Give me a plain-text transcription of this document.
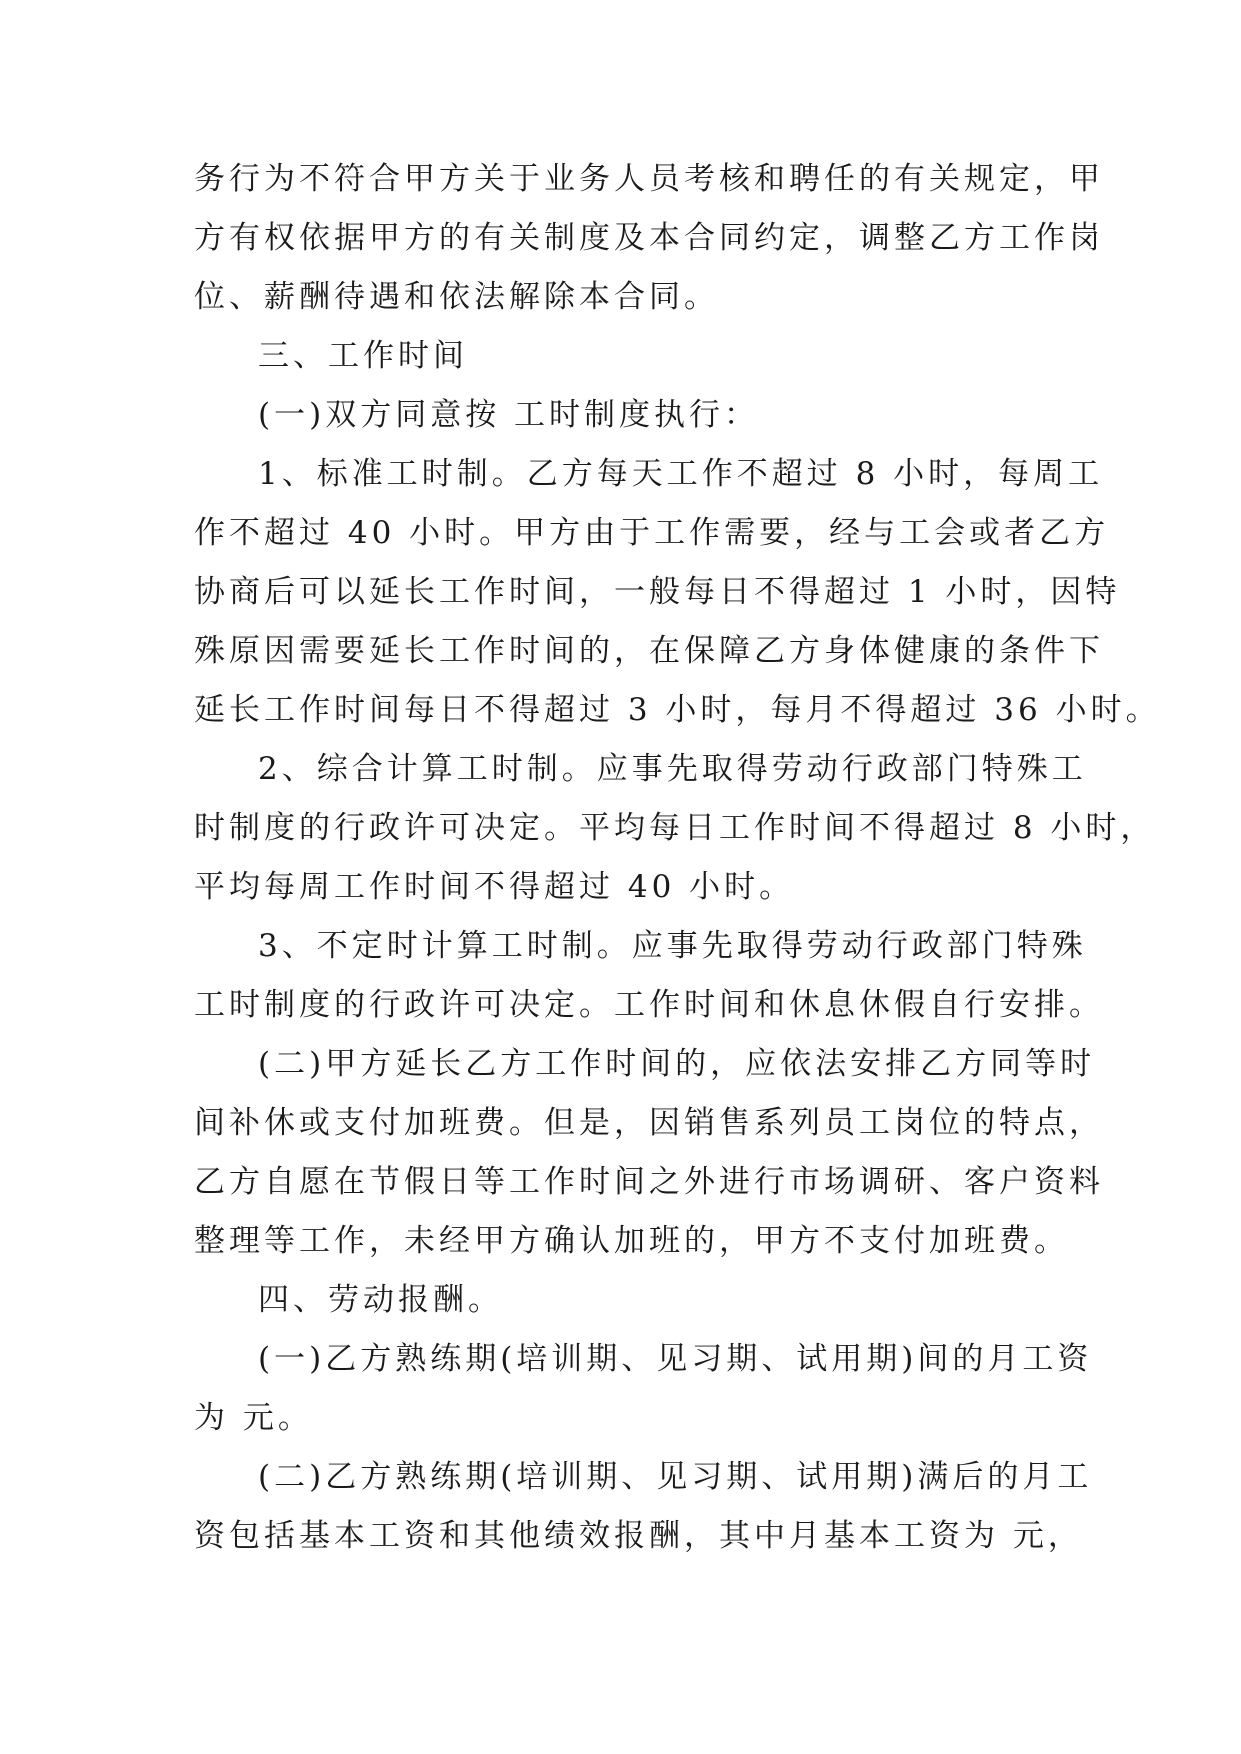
务行为不符合甲方关于业务人员考核和聘任的有关规定，甲
方有权依据甲方的有关制度及本合同约定，调整乙方工作岗
位、薪酬待遇和依法解除本合同。
三、工作时间
(一)双方同意按 工时制度执行：
1、标准工时制。乙方每天工作不超过 8 小时，每周工
作不超过 40 小时。甲方由于工作需要，经与工会或者乙方
协商后可以延长工作时间，一般每日不得超过 1 小时，因特
殊原因需要延长工作时间的，在保障乙方身体健康的条件下
延长工作时间每日不得超过 3 小时，每月不得超过 36 小时。
2、综合计算工时制。应事先取得劳动行政部门特殊工
时制度的行政许可决定。平均每日工作时间不得超过 8 小时，
平均每周工作时间不得超过 40 小时。
3、不定时计算工时制。应事先取得劳动行政部门特殊
工时制度的行政许可决定。工作时间和休息休假自行安排。
(二)甲方延长乙方工作时间的，应依法安排乙方同等时
间补休或支付加班费。但是，因销售系列员工岗位的特点，
乙方自愿在节假日等工作时间之外进行市场调研、客户资料
整理等工作，未经甲方确认加班的，甲方不支付加班费。
四、劳动报酬。
(一)乙方熟练期(培训期、见习期、试用期)间的月工资
为 元。
(二)乙方熟练期(培训期、见习期、试用期)满后的月工
资包括基本工资和其他绩效报酬，其中月基本工资为 元，
